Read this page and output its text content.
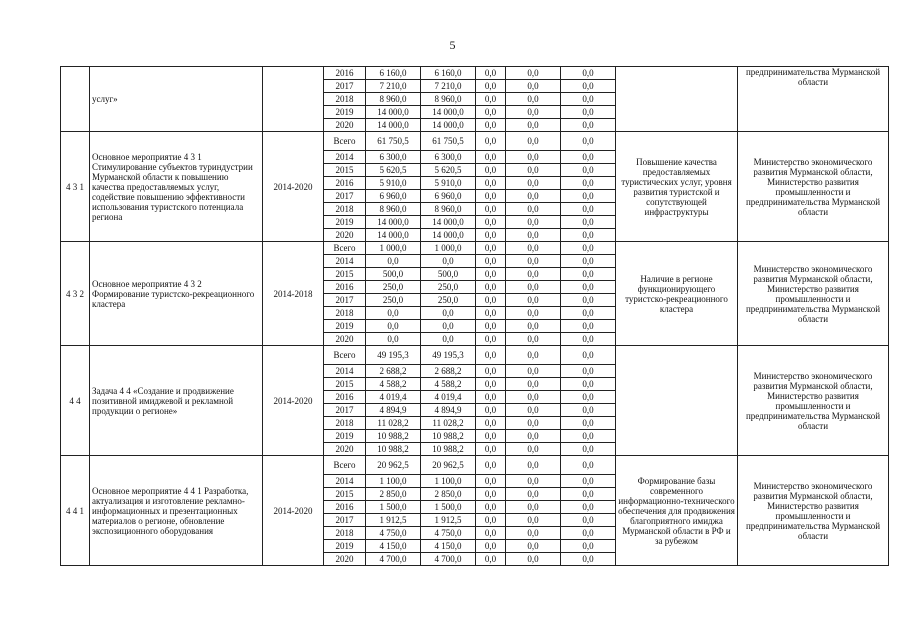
5
	услуг»		2016	6 160,0	6 160,0	0,0	0,0	0,0		предпринимательства Мурманской области
			2017	7 210,0	7 210,0	0,0	0,0	0,0		
			2018	8 960,0	8 960,0	0,0	0,0	0,0		
			2019	14 000,0	14 000,0	0,0	0,0	0,0		
			2020	14 000,0	14 000,0	0,0	0,0	0,0		
4 3 1	Основное мероприятие 4 3 1 Стимулирование субъектов туриндустрии Мурманской области к повышению качества предоставляемых услуг, содействие повышению эффективности использования туристского потенциала региона	2014-2020	Всего	61 750,5	61 750,5	0,0	0,0	0,0	Повышение качества предоставляемых туристических услуг, уровня развития туристской и сопутствующей инфраструктуры	Министерство экономического развития Мурманской области, Министерство развития промышленности и предпринимательства Мурманской области
			2014	6 300,0	6 300,0	0,0	0,0	0,0		
			2015	5 620,5	5 620,5	0,0	0,0	0,0		
			2016	5 910,0	5 910,0	0,0	0,0	0,0		
			2017	6 960,0	6 960,0	0,0	0,0	0,0		
			2018	8 960,0	8 960,0	0,0	0,0	0,0		
			2019	14 000,0	14 000,0	0,0	0,0	0,0		
			2020	14 000,0	14 000,0	0,0	0,0	0,0		
4 3 2	Основное мероприятие 4 3 2 Формирование туристско-рекреационного кластера	2014-2018	Всего	1 000,0	1 000,0	0,0	0,0	0,0	Наличие в регионе функционирующего туристско-рекреационного кластера	Министерство экономического развития Мурманской области, Министерство развития промышленности и предпринимательства Мурманской области
			2014	0,0	0,0	0,0	0,0	0,0		
			2015	500,0	500,0	0,0	0,0	0,0		
			2016	250,0	250,0	0,0	0,0	0,0		
			2017	250,0	250,0	0,0	0,0	0,0		
			2018	0,0	0,0	0,0	0,0	0,0		
			2019	0,0	0,0	0,0	0,0	0,0		
			2020	0,0	0,0	0,0	0,0	0,0		
4 4	Задача 4 4 «Создание и продвижение позитивной имиджевой и рекламной продукции о регионе»	2014-2020	Всего	49 195,3	49 195,3	0,0	0,0	0,0		Министерство экономического развития Мурманской области, Министерство развития промышленности и предпринимательства Мурманской области
			2014	2 688,2	2 688,2	0,0	0,0	0,0		
			2015	4 588,2	4 588,2	0,0	0,0	0,0		
			2016	4 019,4	4 019,4	0,0	0,0	0,0		
			2017	4 894,9	4 894,9	0,0	0,0	0,0		
			2018	11 028,2	11 028,2	0,0	0,0	0,0		
			2019	10 988,2	10 988,2	0,0	0,0	0,0		
			2020	10 988,2	10 988,2	0,0	0,0	0,0		
4 4 1	Основное мероприятие 4 4 1 Разработка, актуализация и изготовление рекламно-информационных и презентационных материалов о регионе, обновление экспозиционного оборудования	2014-2020	Всего	20 962,5	20 962,5	0,0	0,0	0,0	Формирование базы современного информационно-технического обеспечения для продвижения благоприятного имиджа Мурманской области в РФ и за рубежом	Министерство экономического развития Мурманской области, Министерство развития промышленности и предпринимательства Мурманской области
			2014	1 100,0	1 100,0	0,0	0,0	0,0		
			2015	2 850,0	2 850,0	0,0	0,0	0,0		
			2016	1 500,0	1 500,0	0,0	0,0	0,0		
			2017	1 912,5	1 912,5	0,0	0,0	0,0		
			2018	4 750,0	4 750,0	0,0	0,0	0,0		
			2019	4 150,0	4 150,0	0,0	0,0	0,0		
			2020	4 700,0	4 700,0	0,0	0,0	0,0		
